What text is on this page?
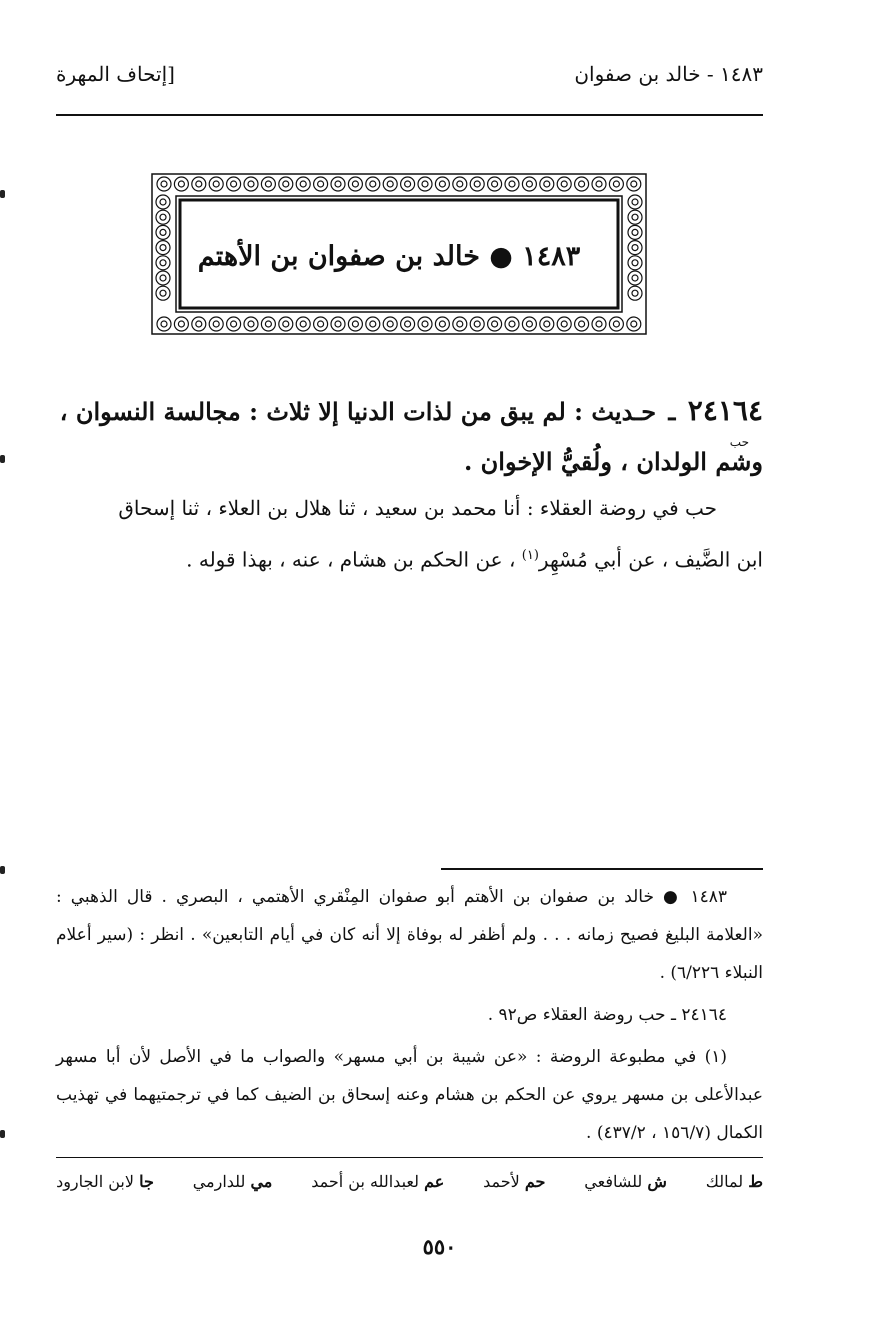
١٤٨٣ - خالد بن صفوان
[إتحاف المهرة
١٤٨٣
●
خالد بن صفوان بن الأهتم
٢٤١٦٤ ـ حـديث : لم يبق من لذات الدنيا إلا ثلاث : مجالسة النسوان ،
حب
وشم الولدان ، ولُقيُّ الإخوان .
حب في روضة العقلاء : أنا محمد بن سعيد ، ثنا هلال بن العلاء ، ثنا إسحاق
ابن الضَّيف ، عن أبي مُسْهِر$^{(١)}$ ، عن الحكم بن هشام ، عنه ، بهذا قوله .

١٤٨٣ ● خالد بن صفوان بن الأهتم أبو صفوان المِنْقري الأهتمي ، البصري . قال الذهبي : «العلامة البليغ فصيح زمانه . . . ولم أظفر له بوفاة إلا أنه كان في أيام التابعين» . انظر : (سير أعلام النبلاء ٦/٢٢٦) .

٢٤١٦٤ ـ حب روضة العقلاء ص٩٢ .

(١) في مطبوعة الروضة : «عن شيبة بن أبي مسهر» والصواب ما في الأصل لأن أبا مسهر عبدالأعلى بن مسهر يروي عن الحكم بن هشام وعنه إسحاق بن الضيف كما في ترجمتيهما في تهذيب الكمال (١٥٦/٧ ، ٤٣٧/٢) .

ط لمالك
ش للشافعي
حم لأحمد
عم لعبدالله بن أحمد
مي للدارمي
جا لابن الجارود
٥٥٠
